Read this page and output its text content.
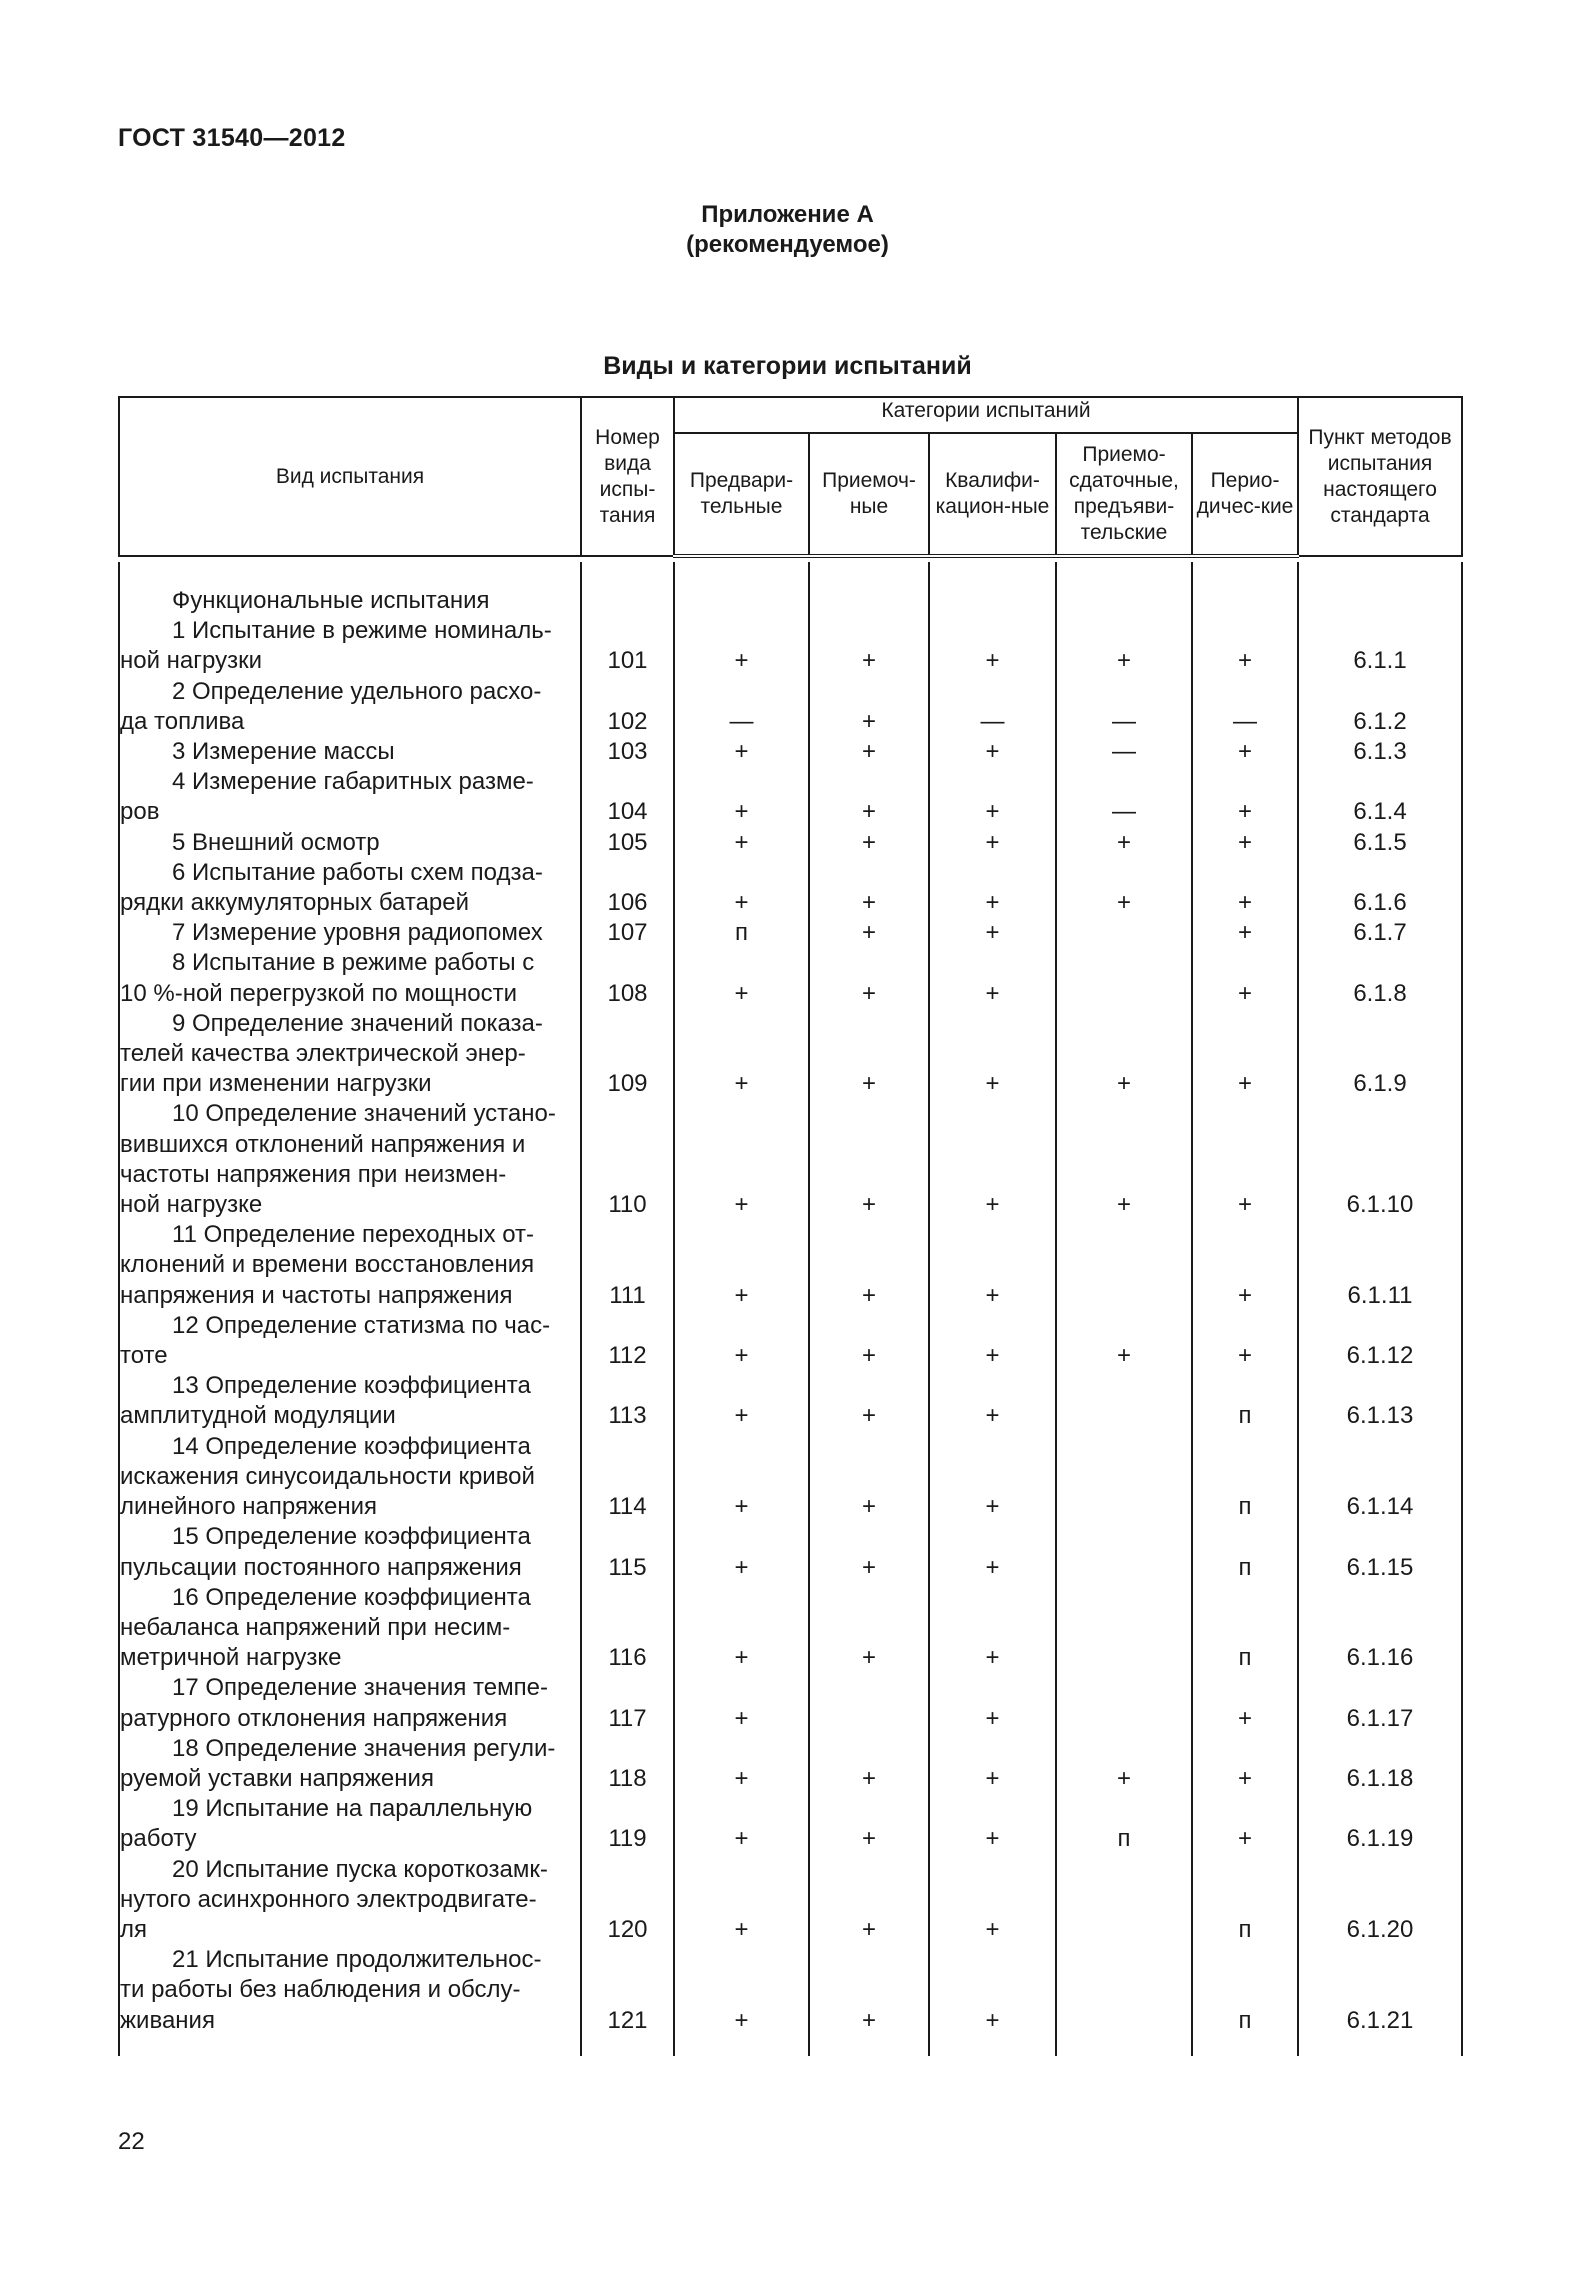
ГОСТ 31540—2012
Приложение А
(рекомендуемое)
Виды и категории испытаний
Вид испытания	Номер вида испы-тания	Категории испытаний					Пункт методов испытания настоящего стандарта
		Предвари-тельные	Приемоч-ные	Квалифи-кацион-ные	Приемо-сдаточные, предъяви-тельские	Перио-дичес-кие	

Функциональные испытания							

1 Испытание в режиме номиналь-
ной нагрузки	101	+	+	+	+	+	6.1.1

2 Определение удельного расхо-
да топлива	102	—	+	—	—	—	6.1.2

3 Измерение массы	103	+	+	+	—	+	6.1.3

4 Измерение габаритных разме-
ров	104	+	+	+	—	+	6.1.4

5 Внешний осмотр	105	+	+	+	+	+	6.1.5

6 Испытание работы схем подза-
рядки аккумуляторных батарей	106	+	+	+	+	+	6.1.6

7 Измерение уровня радиопомех	107	п	+	+		+	6.1.7

8 Испытание в режиме работы с
10 %-ной перегрузкой по мощности	108	+	+	+		+	6.1.8

9 Определение значений показа-
телей качества электрической энер-
гии при изменении нагрузки	109	+	+	+	+	+	6.1.9

10 Определение значений устано-
вившихся отклонений напряжения и
частоты напряжения при неизмен-
ной нагрузке	110	+	+	+	+	+	6.1.10

11 Определение переходных от-
клонений и времени восстановления
напряжения и частоты напряжения	111	+	+	+		+	6.1.11

12 Определение статизма по час-
тоте	112	+	+	+	+	+	6.1.12

13 Определение коэффициента
амплитудной модуляции	113	+	+	+		п	6.1.13

14 Определение коэффициента
искажения синусоидальности кривой
линейного напряжения	114	+	+	+		п	6.1.14

15 Определение коэффициента
пульсации постоянного напряжения	115	+	+	+		п	6.1.15

16 Определение коэффициента
небаланса напряжений при несим-
метричной нагрузке	116	+	+	+		п	6.1.16

17 Определение значения темпе-
ратурного отклонения напряжения	117	+		+		+	6.1.17

18 Определение значения регули-
руемой уставки напряжения	118	+	+	+	+	+	6.1.18

19 Испытание на параллельную
работу	119	+	+	+	п	+	6.1.19

20 Испытание пуска короткозамк-
нутого асинхронного электродвигате-
ля	120	+	+	+		п	6.1.20

21 Испытание продолжительнос-
ти работы без наблюдения и обслу-
живания	121	+	+	+		п	6.1.21

22
